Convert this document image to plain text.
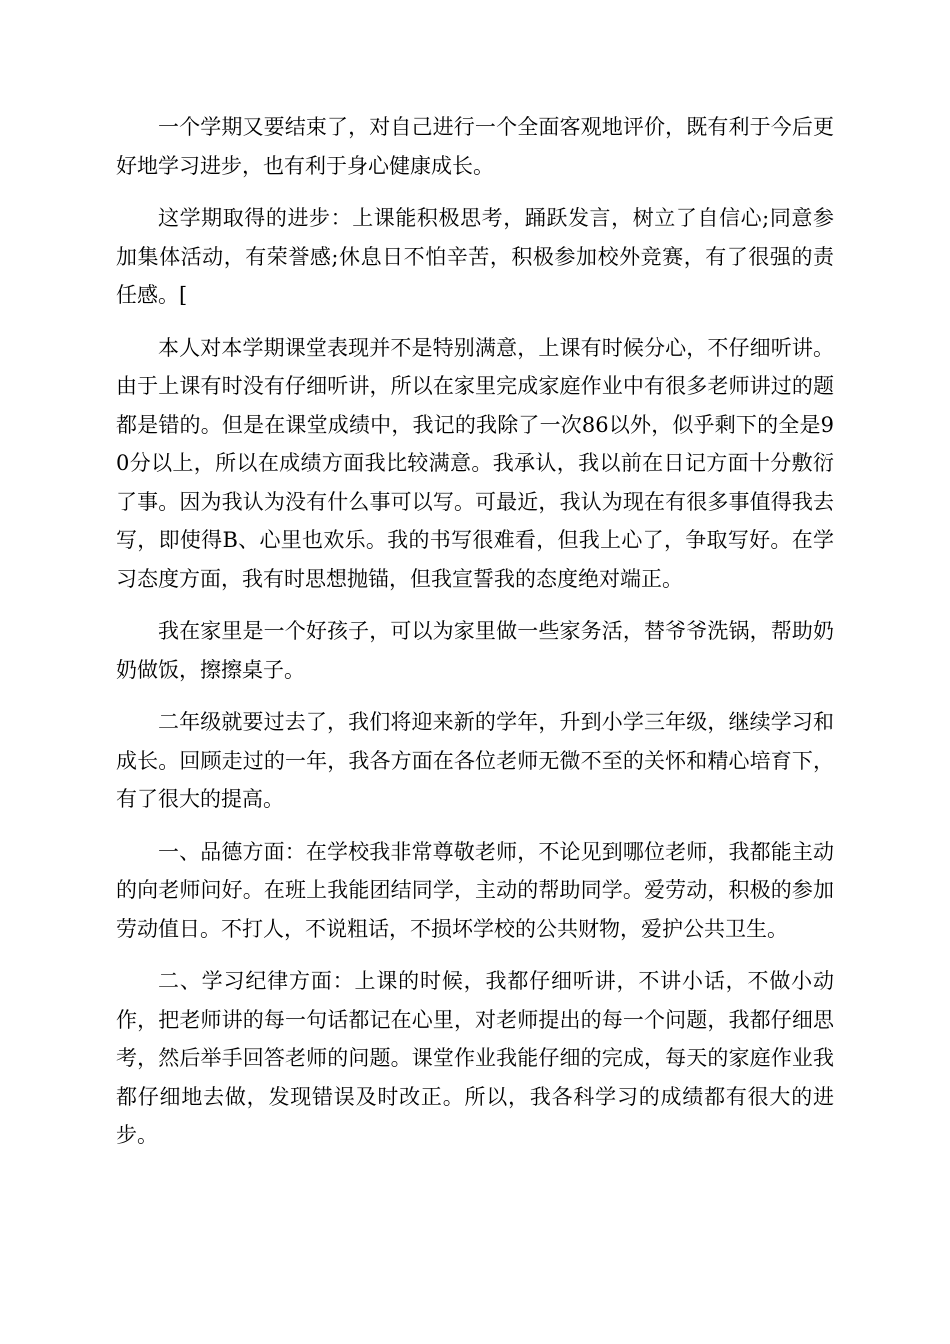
一个学期又要结束了，对自己进行一个全面客观地评价，既有利于今后更好地学习进步，也有利于身心健康成长。

这学期取得的进步：上课能积极思考，踊跃发言，树立了自信心;同意参加集体活动，有荣誉感;休息日不怕辛苦，积极参加校外竞赛，有了很强的责任感。[

本人对本学期课堂表现并不是特别满意，上课有时候分心，不仔细听讲。由于上课有时没有仔细听讲，所以在家里完成家庭作业中有很多老师讲过的题都是错的。但是在课堂成绩中，我记的我除了一次86以外，似乎剩下的全是90分以上，所以在成绩方面我比较满意。我承认，我以前在日记方面十分敷衍了事。因为我认为没有什么事可以写。可最近，我认为现在有很多事值得我去写，即使得B、心里也欢乐。我的书写很难看，但我上心了，争取写好。在学习态度方面，我有时思想抛锚，但我宣誓我的态度绝对端正。

我在家里是一个好孩子，可以为家里做一些家务活，替爷爷洗锅，帮助奶奶做饭，擦擦桌子。

二年级就要过去了，我们将迎来新的学年，升到小学三年级，继续学习和成长。回顾走过的一年，我各方面在各位老师无微不至的关怀和精心培育下，有了很大的提高。

一、品德方面：在学校我非常尊敬老师，不论见到哪位老师，我都能主动的向老师问好。在班上我能团结同学，主动的帮助同学。爱劳动，积极的参加劳动值日。不打人，不说粗话，不损坏学校的公共财物，爱护公共卫生。

二、学习纪律方面：上课的时候，我都仔细听讲，不讲小话，不做小动作，把老师讲的每一句话都记在心里，对老师提出的每一个问题，我都仔细思考，然后举手回答老师的问题。课堂作业我能仔细的完成，每天的家庭作业我都仔细地去做，发现错误及时改正。所以，我各科学习的成绩都有很大的进步。
